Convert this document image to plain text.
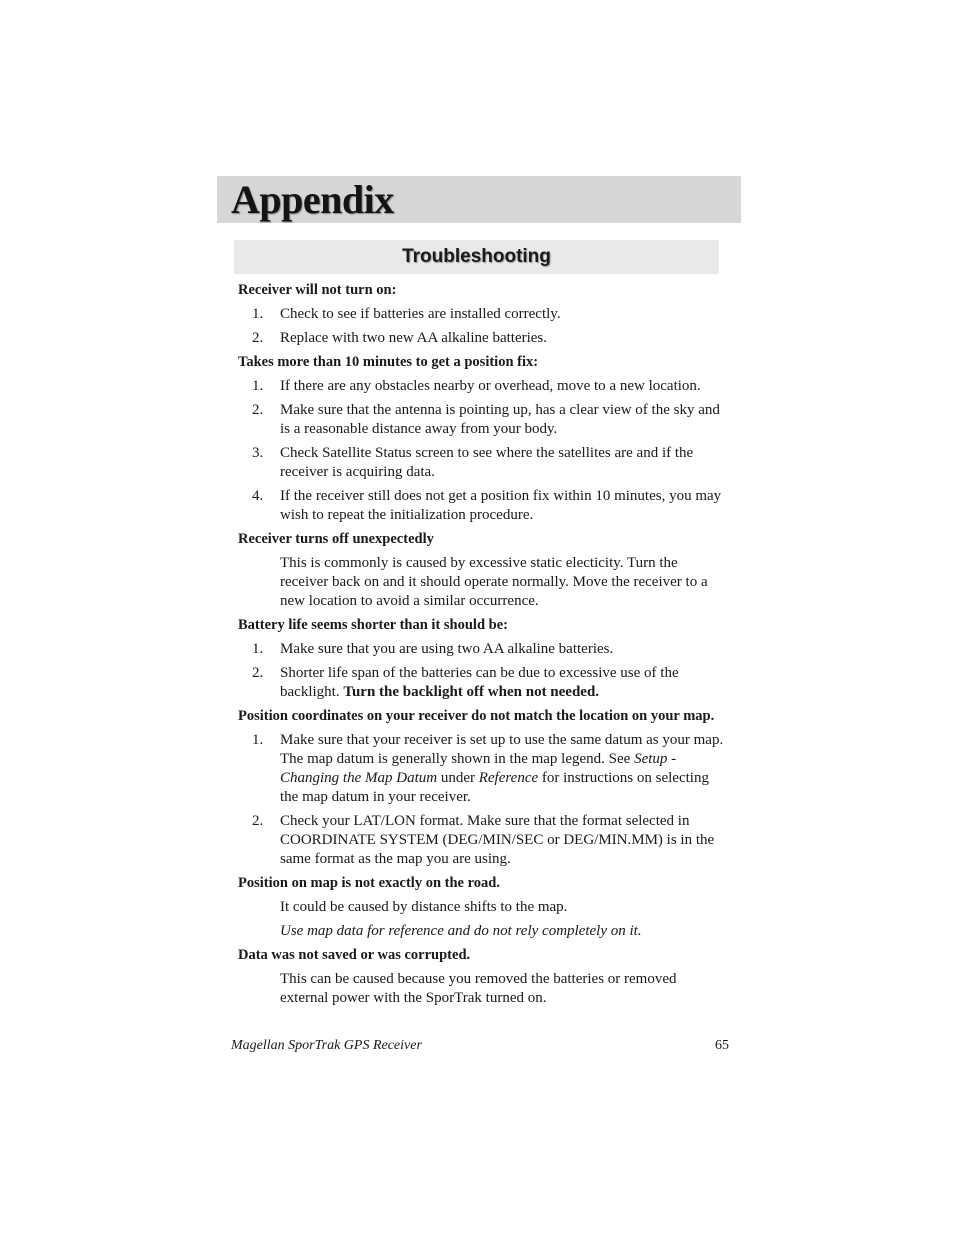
Appendix
Troubleshooting
Receiver will not turn on:
1. Check to see if batteries are installed correctly.
2. Replace with two new AA alkaline batteries.
Takes more than 10 minutes to get a position fix:
1. If there are any obstacles nearby or overhead, move to a new location.
2. Make sure that the antenna is pointing up, has a clear view of the sky and is a reasonable distance away from your body.
3. Check Satellite Status screen to see where the satellites are and if the receiver is acquiring data.
4. If the receiver still does not get a position fix within 10 minutes, you may wish to repeat the initialization procedure.
Receiver turns off unexpectedly

This is commonly is caused by excessive static electicity. Turn the receiver back on and it should operate normally. Move the receiver to a new location to avoid a similar occurrence.

Battery life seems shorter than it should be:
1. Make sure that you are using two AA alkaline batteries.
2. Shorter life span of the batteries can be due to excessive use of the backlight. Turn the backlight off when not needed.
Position coordinates on your receiver do not match the location on your map.
1. Make sure that your receiver is set up to use the same datum as your map. The map datum is generally shown in the map legend. See Setup - Changing the Map Datum under Reference for instructions on selecting the map datum in your receiver.
2. Check your LAT/LON format. Make sure that the format selected in COORDINATE SYSTEM (DEG/MIN/SEC or DEG/MIN.MM) is in the same format as the map you are using.
Position on map is not exactly on the road.

It could be caused by distance shifts to the map.

Use map data for reference and do not rely completely on it.

Data was not saved or was corrupted.

This can be caused because you removed the batteries or removed external power with the SporTrak turned on.

Magellan SporTrak GPS Receiver	65
